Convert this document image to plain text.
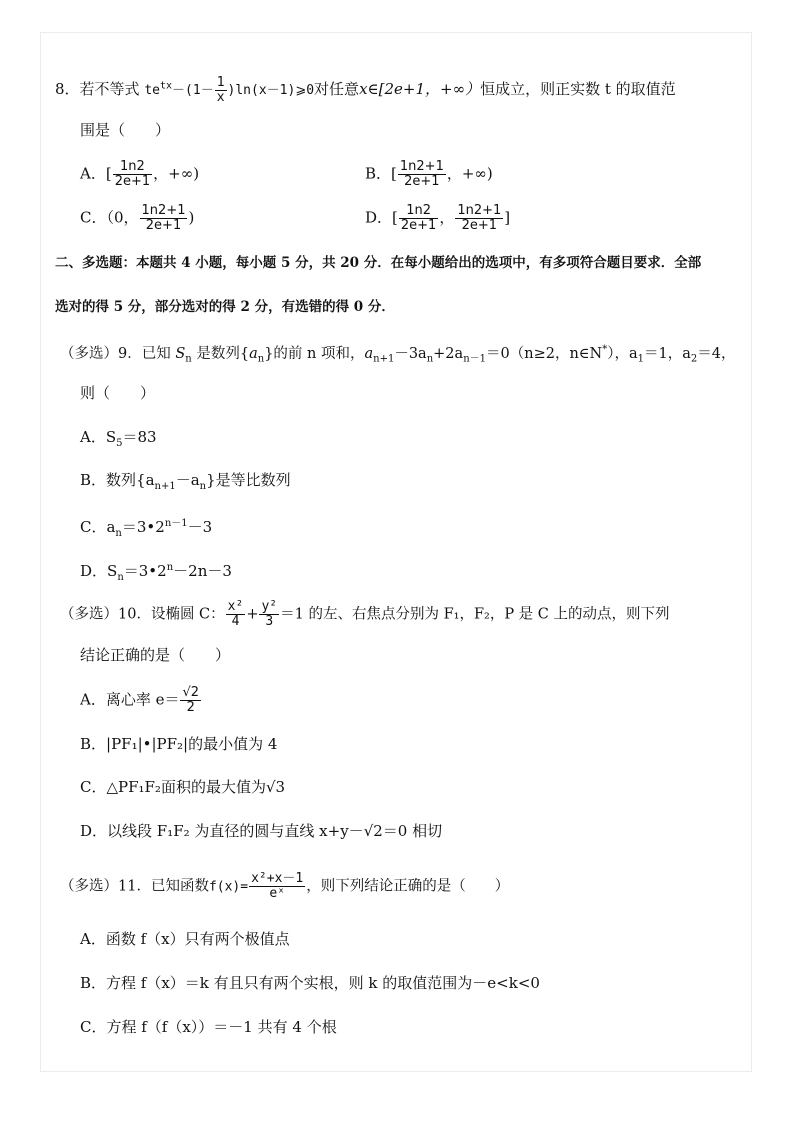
8．若不等式 $te^{tx}-(1- \frac{1}{x}$ )ln(x－1)⩾0对任意x∈[2e+1，+∞）恒成立，则正实数 t 的取值范
围是（　　）
A．[ $\frac{1n2}{2e+1}$ ，+∞)	B．[ $\frac{1n2+1}{2e+1}$ ，+∞)
C．（0， $\frac{1n2+1}{2e+1}$ )	D．[ $\frac{1n2}{2e+1}$ ， $\frac{1n2+1}{2e+1}$ ]
二、多选题：本题共 4 小题，每小题 5 分，共 20 分．在每小题给出的选项中，有多项符合题目要求．全部
选对的得 5 分，部分选对的得 2 分，有选错的得 0 分．
（多选）9．已知 $S_n$ 是数列$\{a_n\}$的前 n 项和，$a_{n+1}-3a_n+2a_{n-1}=0(n\ge 2$，n∈N*），$a_1=1$，$a_2=4$，
则（　　）
A．$S_5=83$
B．数列$\{a_{n+1}-a_n\}$是等比数列
C．$a_n=3•2^{n-1}-3$
D．$S_n=3•2^n-2n-3$
（多选）10．设椭圆 C： $\frac{\text{x²}}{4} + \frac{\text{y²}}{3} =1$ 的左、右焦点分别为 F₁，F₂，P 是 C 上的动点，则下列
结论正确的是（　　）
A．离心率 $e= \frac{√2}{2}$
B．|PF₁|•|PF₂|的最小值为 4
C．△PF₁F₂面积的最大值为√3
D．以线段 F₁F₂ 为直径的圆与直线 x+y－√2＝0 相切
（多选）11．已知函数$f(x)= \frac{\text{x²+x－1}}{\text{eˣ}}$ ，则下列结论正确的是（　　）
A．函数 f（x）只有两个极值点
B．方程 f（x）＝k 有且只有两个实根，则 k 的取值范围为－e<k<0
C．方程 f（f（x））＝－1 共有 4 个根
